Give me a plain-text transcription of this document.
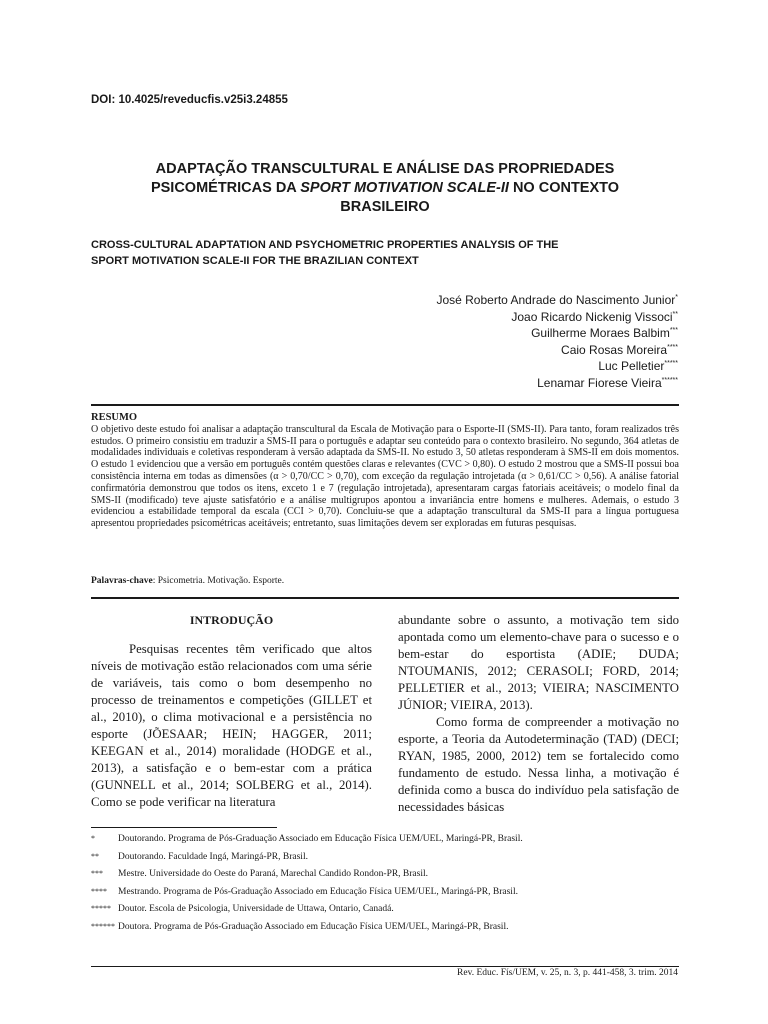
DOI: 10.4025/reveducfis.v25i3.24855
ADAPTAÇÃO TRANSCULTURAL E ANÁLISE DAS PROPRIEDADES
PSICOMÉTRICAS DA SPORT MOTIVATION SCALE-II NO CONTEXTO
BRASILEIRO
CROSS-CULTURAL ADAPTATION AND PSYCHOMETRIC PROPERTIES ANALYSIS OF THE
SPORT MOTIVATION SCALE-II FOR THE BRAZILIAN CONTEXT
José Roberto Andrade do Nascimento Junior*
Joao Ricardo Nickenig Vissoci**
Guilherme Moraes Balbim***
Caio Rosas Moreira****
Luc Pelletier*****
Lenamar Fiorese Vieira******
RESUMO
O objetivo deste estudo foi analisar a adaptação transcultural da Escala de Motivação para o Esporte-II (SMS-II). Para tanto, foram realizados três estudos. O primeiro consistiu em traduzir a SMS-II para o português e adaptar seu conteúdo para o contexto brasileiro. No segundo, 364 atletas de modalidades individuais e coletivas responderam à versão adaptada da SMS-II. No estudo 3, 50 atletas responderam à SMS-II em dois momentos. O estudo 1 evidenciou que a versão em português contém questões claras e relevantes (CVC > 0,80). O estudo 2 mostrou que a SMS-II possui boa consistência interna em todas as dimensões (α > 0,70/CC > 0,70), com exceção da regulação introjetada (α > 0,61/CC > 0,56). A análise fatorial confirmatória demonstrou que todos os itens, exceto 1 e 7 (regulação introjetada), apresentaram cargas fatoriais aceitáveis; o modelo final da SMS-II (modificado) teve ajuste satisfatório e a análise multigrupos apontou a invariância entre homens e mulheres. Ademais, o estudo 3 evidenciou a estabilidade temporal da escala (CCI > 0,70). Concluiu-se que a adaptação transcultural da SMS-II para a língua portuguesa apresentou propriedades psicométricas aceitáveis; entretanto, suas limitações devem ser exploradas em futuras pesquisas.
Palavras-chave: Psicometria. Motivação. Esporte.
INTRODUÇÃO

Pesquisas recentes têm verificado que altos níveis de motivação estão relacionados com uma série de variáveis, tais como o bom desempenho no processo de treinamentos e competições (GILLET et al., 2010), o clima motivacional e a persistência no esporte (JÕESAAR; HEIN; HAGGER, 2011; KEEGAN et al., 2014) moralidade (HODGE et al., 2013), a satisfação e o bem-estar com a prática (GUNNELL et al., 2014; SOLBERG et al., 2014). Como se pode verificar na literatura

abundante sobre o assunto, a motivação tem sido apontada como um elemento-chave para o sucesso e o bem-estar do esportista (ADIE; DUDA; NTOUMANIS, 2012; CERASOLI; FORD, 2014; PELLETIER et al., 2013; VIEIRA; NASCIMENTO JÚNIOR; VIEIRA, 2013).

Como forma de compreender a motivação no esporte, a Teoria da Autodeterminação (TAD) (DECI; RYAN, 1985, 2000, 2012) tem se fortalecido como fundamento de estudo. Nessa linha, a motivação é definida como a busca do indivíduo pela satisfação de necessidades básicas

*	Doutorando. Programa de Pós-Graduação Associado em Educação Física UEM/UEL, Maringá-PR, Brasil.
**	Doutorando. Faculdade Ingá, Maringá-PR, Brasil.
***	Mestre. Universidade do Oeste do Paraná, Marechal Candido Rondon-PR, Brasil.
****	Mestrando. Programa de Pós-Graduação Associado em Educação Física UEM/UEL, Maringá-PR, Brasil.
***** Doutor. Escola de Psicologia, Universidade de Uttawa, Ontario, Canadá.
****** Doutora. Programa de Pós-Graduação Associado em Educação Física UEM/UEL, Maringá-PR, Brasil.
Rev. Educ. Fís/UEM, v. 25, n. 3, p. 441-458, 3. trim. 2014
